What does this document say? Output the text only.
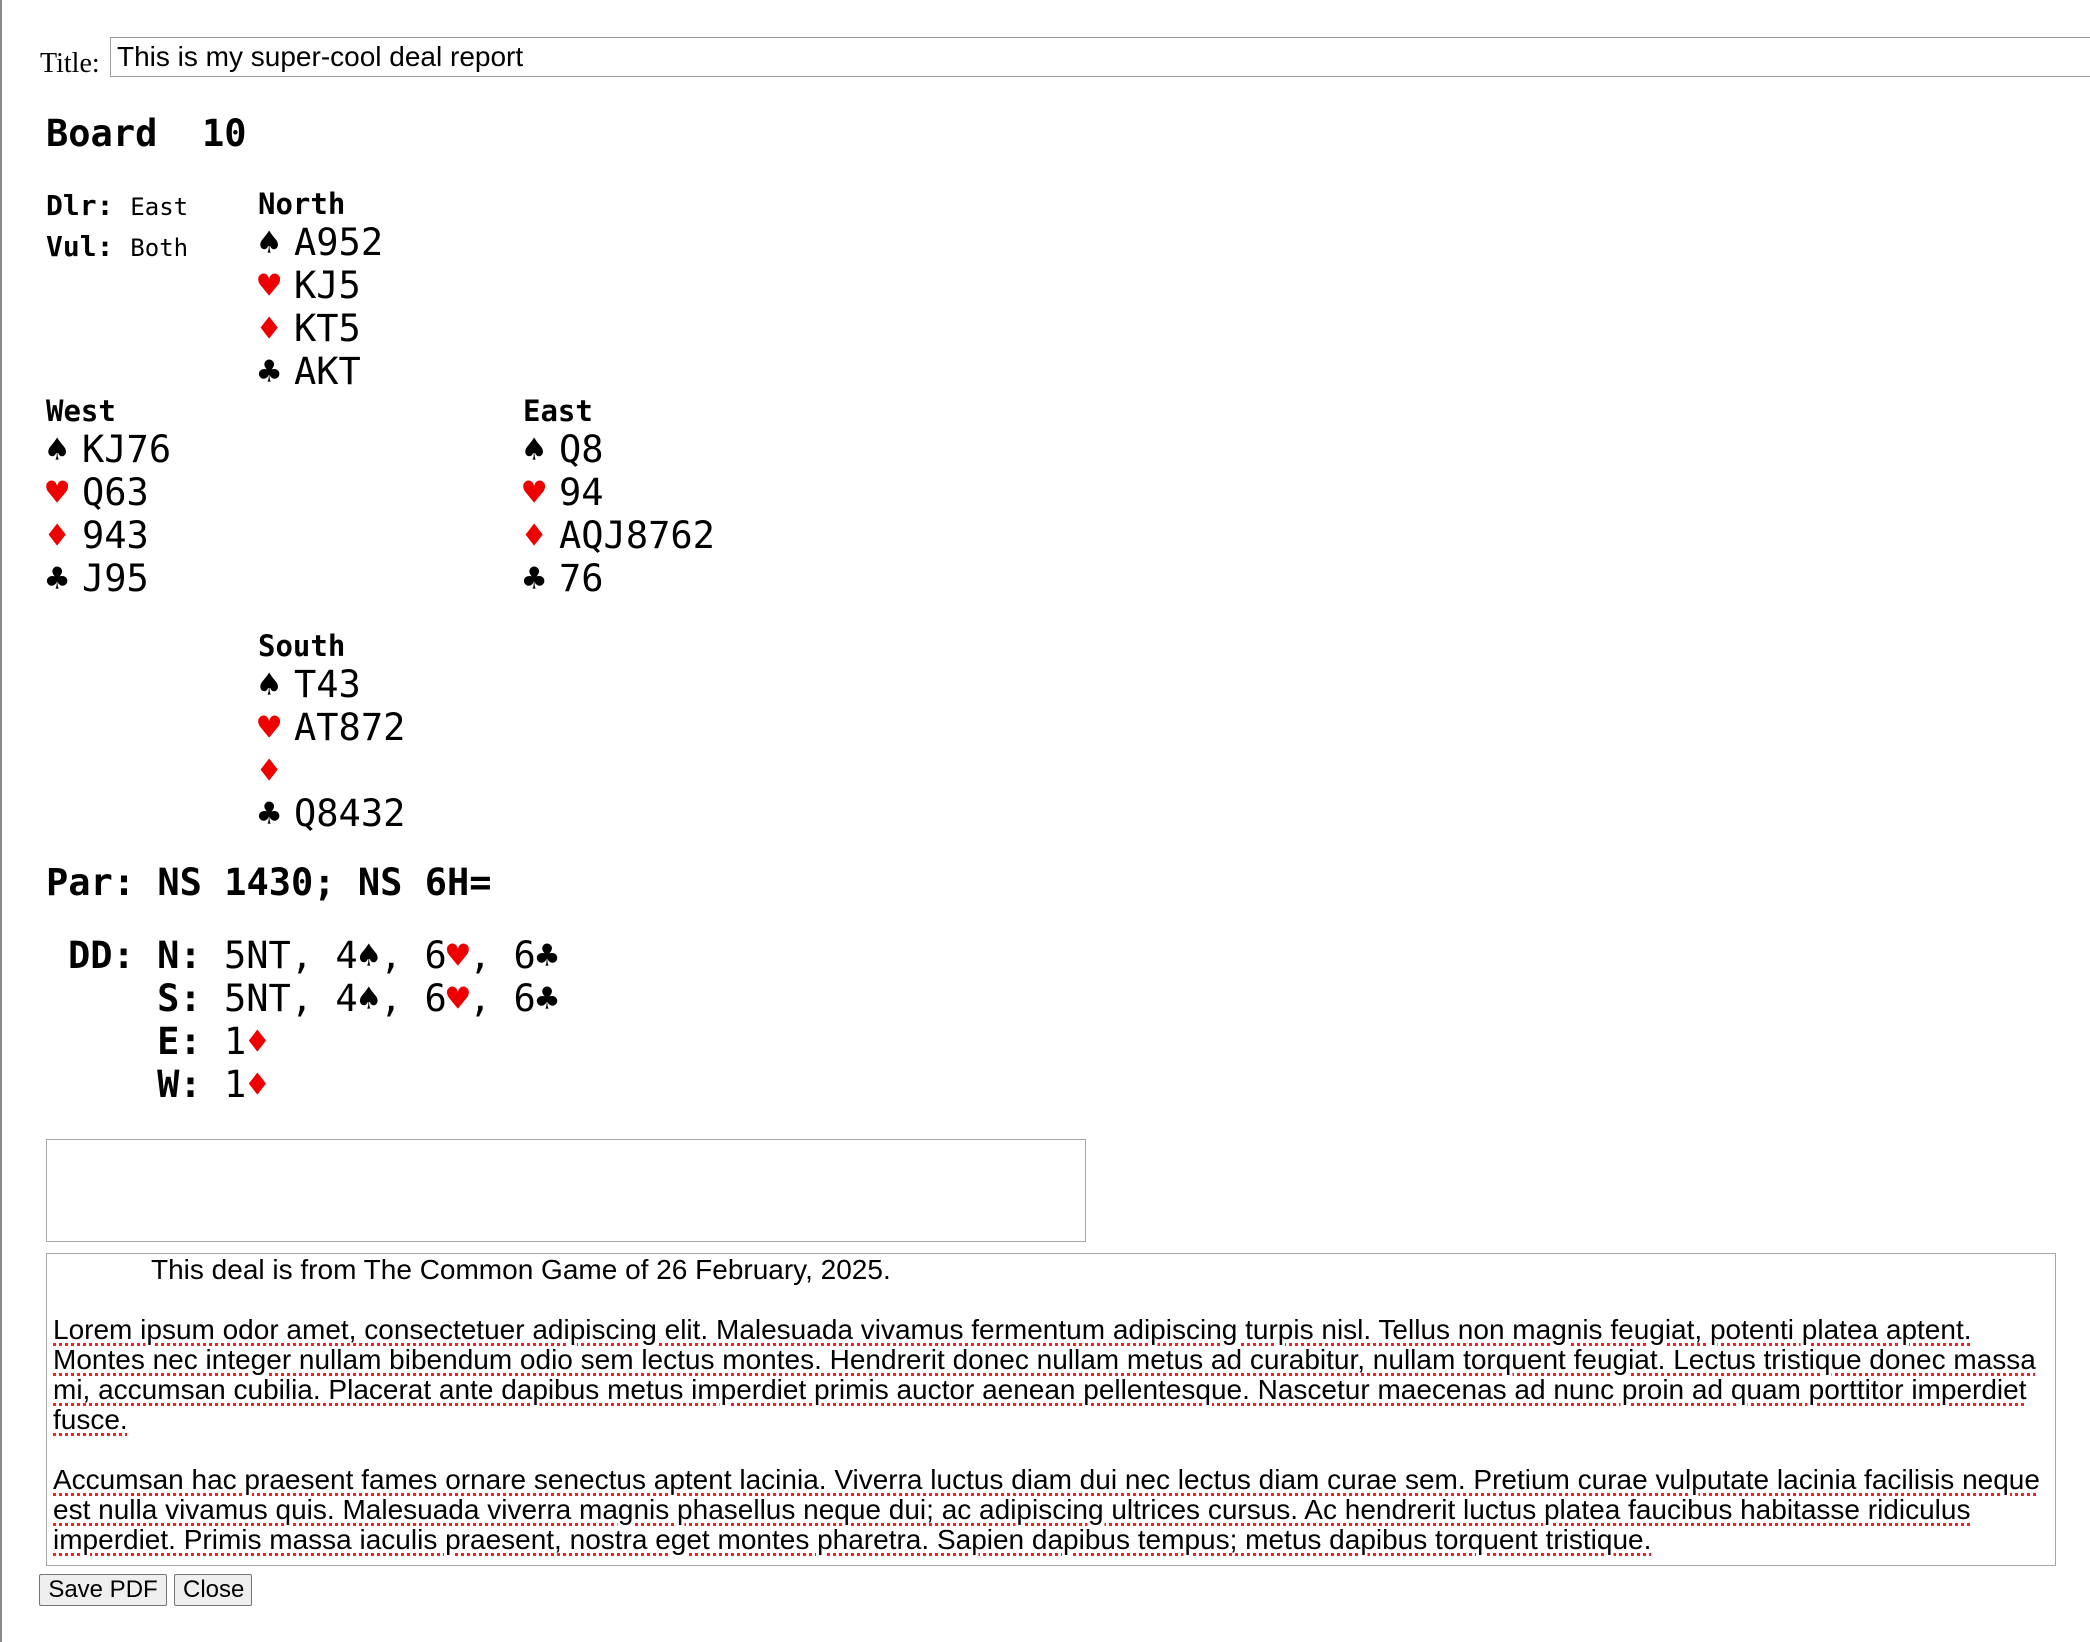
Title:
This is my super-cool deal report
Board 10
Dlr: East
Vul: Both
North
♠ A952
♥ KJ5
♦ KT5
♣ AKT
West
♠ KJ76
♥ Q63
♦ 943
♣ J95
East
♠ Q8
♥ 94
♦ AQJ8762
♣ 76
South
♠ T43
♥ AT872
♦
♣ Q8432
Par: NS 1430; NS 6H=
DD: N: 5NT, 4♠, 6♥, 6♣
S: 5NT, 4♠, 6♥, 6♣
E: 1♦
W: 1♦

This deal is from The Common Game of 26 February, 2025.

Lorem ipsum odor amet, consectetuer adipiscing elit. Malesuada vivamus fermentum adipiscing turpis nisl. Tellus non magnis feugiat, potenti platea aptent. Montes nec integer nullam bibendum odio sem lectus montes. Hendrerit donec nullam metus ad curabitur, nullam torquent feugiat. Lectus tristique donec massa mi, accumsan cubilia. Placerat ante dapibus metus imperdiet primis auctor aenean pellentesque. Nascetur maecenas ad nunc proin ad quam porttitor imperdiet fusce.

Accumsan hac praesent fames ornare senectus aptent lacinia. Viverra luctus diam dui nec lectus diam curae sem. Pretium curae vulputate lacinia facilisis neque est nulla vivamus quis. Malesuada viverra magnis phasellus neque dui; ac adipiscing ultrices cursus. Ac hendrerit luctus platea faucibus habitasse ridiculus imperdiet. Primis massa iaculis praesent, nostra eget montes pharetra. Sapien dapibus tempus; metus dapibus torquent tristique.

Save PDF	Close
